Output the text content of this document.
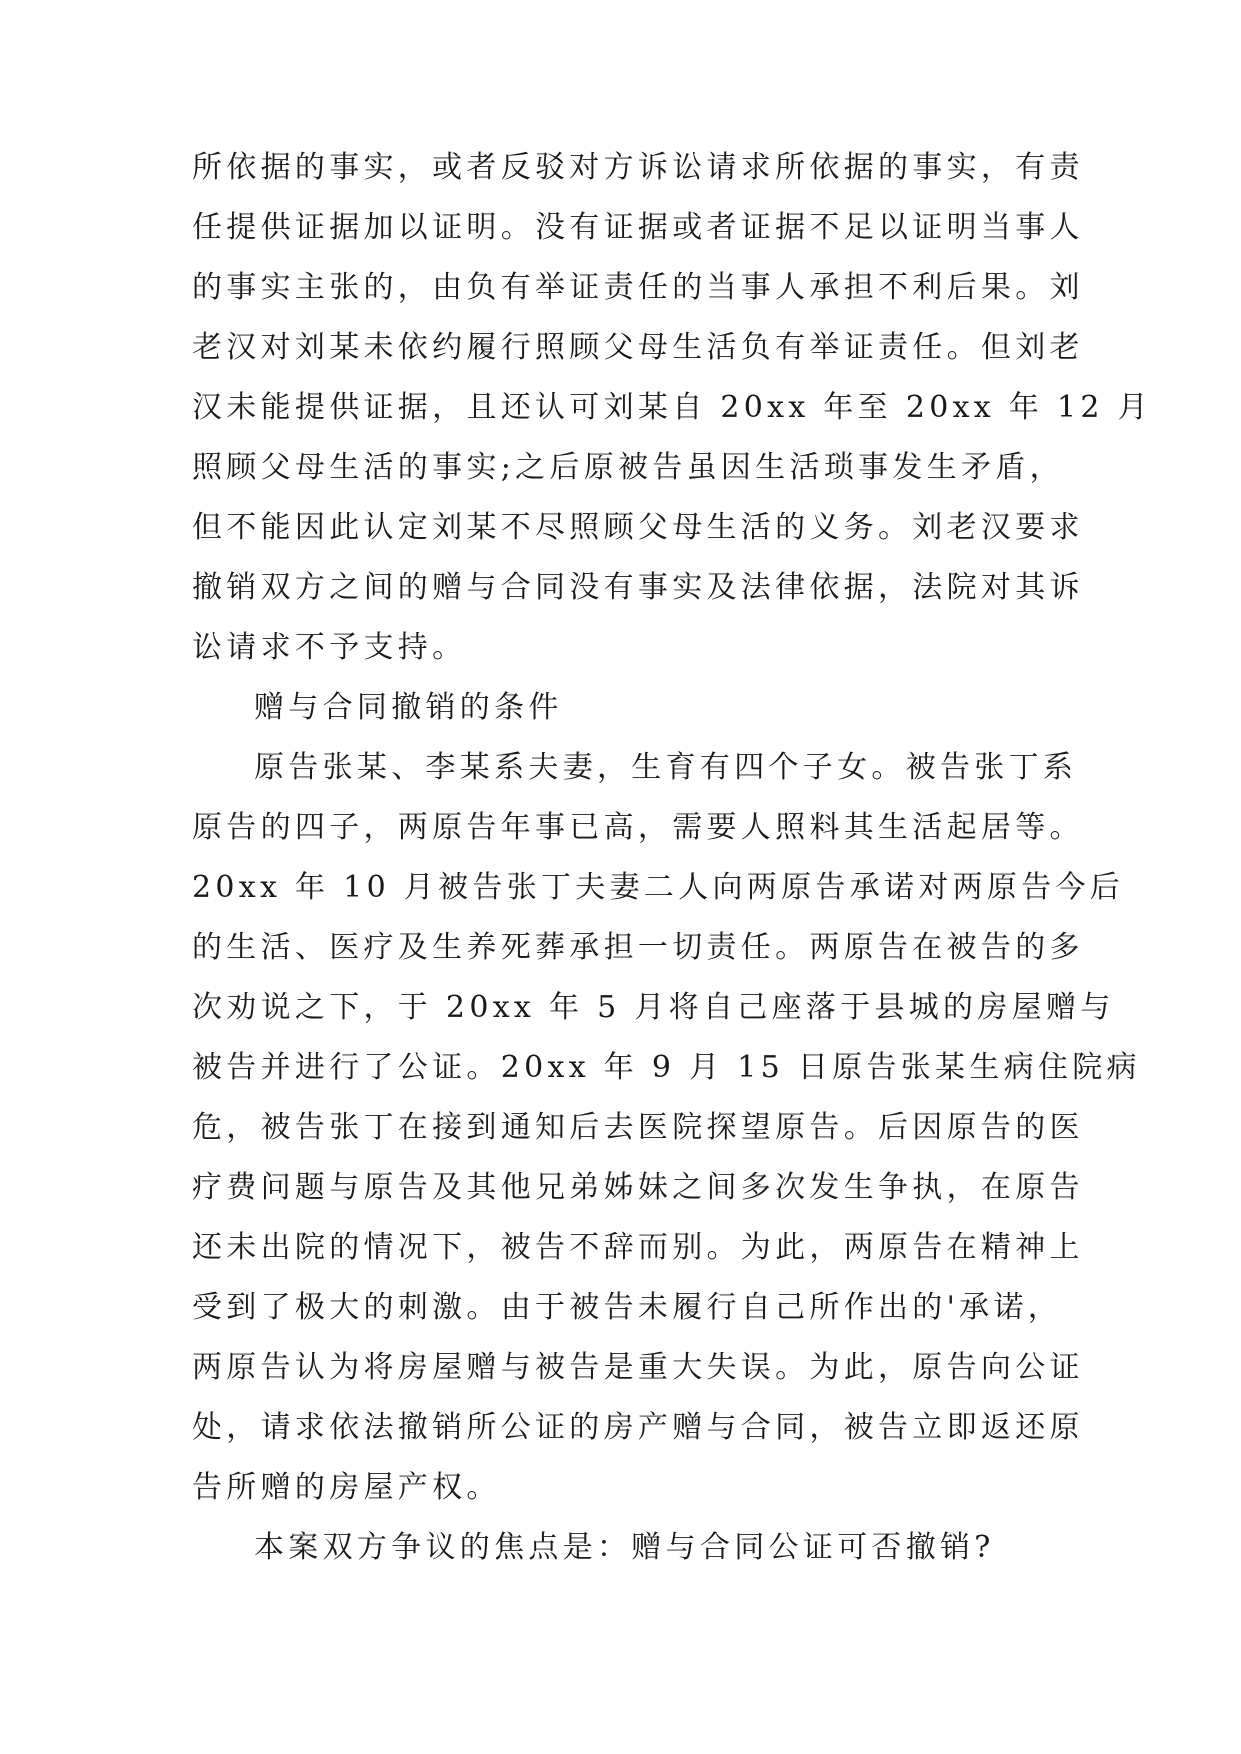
所依据的事实，或者反驳对方诉讼请求所依据的事实，有责
任提供证据加以证明。没有证据或者证据不足以证明当事人
的事实主张的，由负有举证责任的当事人承担不利后果。刘
老汉对刘某未依约履行照顾父母生活负有举证责任。但刘老
汉未能提供证据，且还认可刘某自 20xx 年至 20xx 年 12 月
照顾父母生活的事实;之后原被告虽因生活琐事发生矛盾，
但不能因此认定刘某不尽照顾父母生活的义务。刘老汉要求
撤销双方之间的赠与合同没有事实及法律依据，法院对其诉
讼请求不予支持。
赠与合同撤销的条件
原告张某、李某系夫妻，生育有四个子女。被告张丁系
原告的四子，两原告年事已高，需要人照料其生活起居等。
20xx 年 10 月被告张丁夫妻二人向两原告承诺对两原告今后
的生活、医疗及生养死葬承担一切责任。两原告在被告的多
次劝说之下，于 20xx 年 5 月将自己座落于县城的房屋赠与
被告并进行了公证。20xx 年 9 月 15 日原告张某生病住院病
危，被告张丁在接到通知后去医院探望原告。后因原告的医
疗费问题与原告及其他兄弟姊妹之间多次发生争执，在原告
还未出院的情况下，被告不辞而别。为此，两原告在精神上
受到了极大的刺激。由于被告未履行自己所作出的'承诺，
两原告认为将房屋赠与被告是重大失误。为此，原告向公证
处，请求依法撤销所公证的房产赠与合同，被告立即返还原
告所赠的房屋产权。
本案双方争议的焦点是：赠与合同公证可否撤销?
